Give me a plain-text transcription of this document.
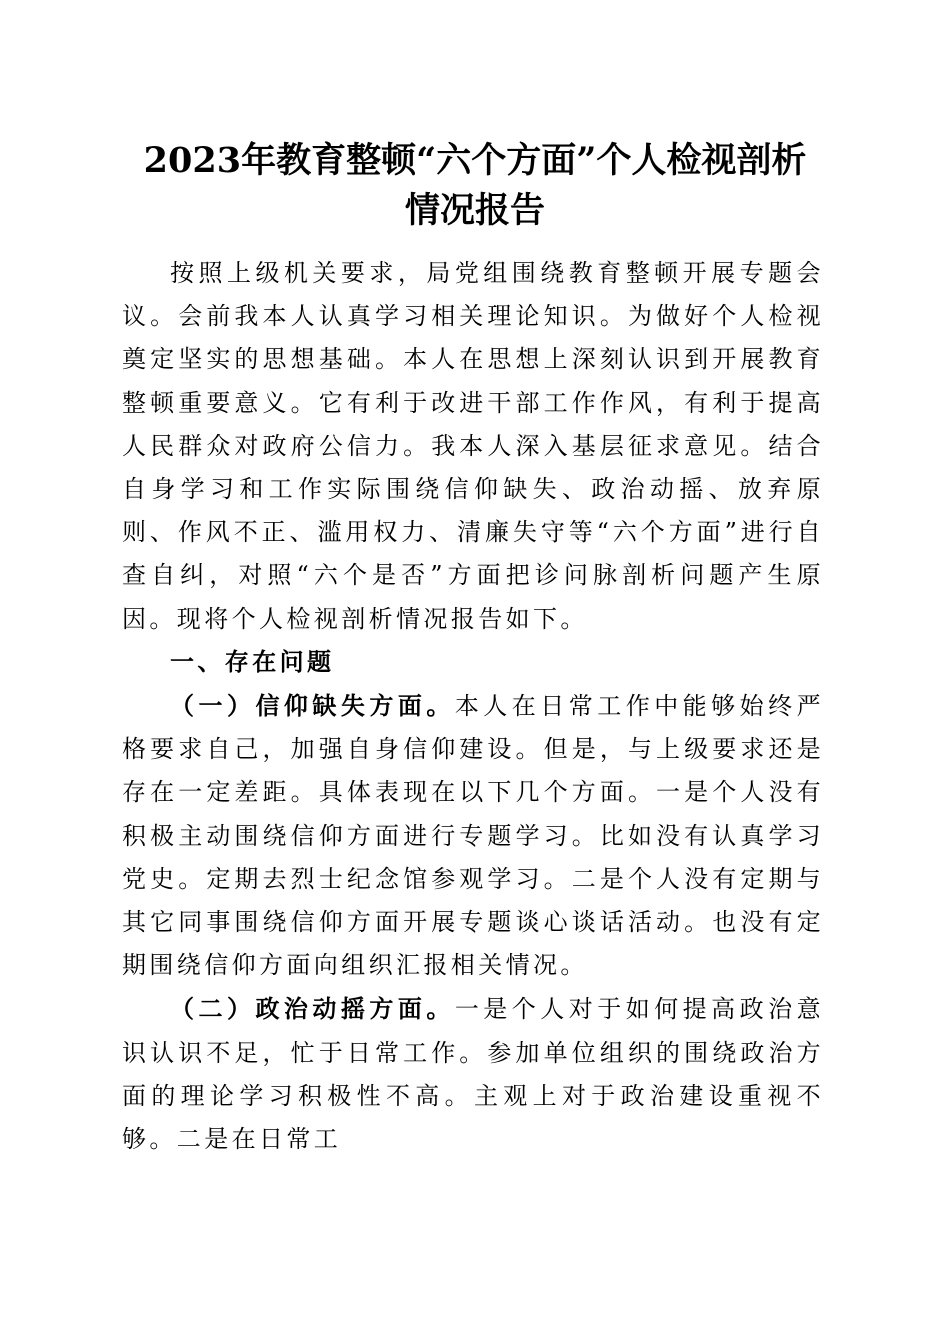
2023年教育整顿“六个方面”个人检视剖析
情况报告

按照上级机关要求，局党组围绕教育整顿开展专题会议。会前我本人认真学习相关理论知识。为做好个人检视奠定坚实的思想基础。本人在思想上深刻认识到开展教育整顿重要意义。它有利于改进干部工作作风，有利于提高人民群众对政府公信力。我本人深入基层征求意见。结合自身学习和工作实际围绕信仰缺失、政治动摇、放弃原则、作风不正、滥用权力、清廉失守等“六个方面”进行自查自纠，对照“六个是否”方面把诊问脉剖析问题产生原因。现将个人检视剖析情况报告如下。

一、存在问题

（一）信仰缺失方面。本人在日常工作中能够始终严格要求自己，加强自身信仰建设。但是，与上级要求还是存在一定差距。具体表现在以下几个方面。一是个人没有积极主动围绕信仰方面进行专题学习。比如没有认真学习党史。定期去烈士纪念馆参观学习。二是个人没有定期与其它同事围绕信仰方面开展专题谈心谈话活动。也没有定期围绕信仰方面向组织汇报相关情况。

（二）政治动摇方面。一是个人对于如何提高政治意识认识不足，忙于日常工作。参加单位组织的围绕政治方面的理论学习积极性不高。主观上对于政治建设重视不够。二是在日常工
